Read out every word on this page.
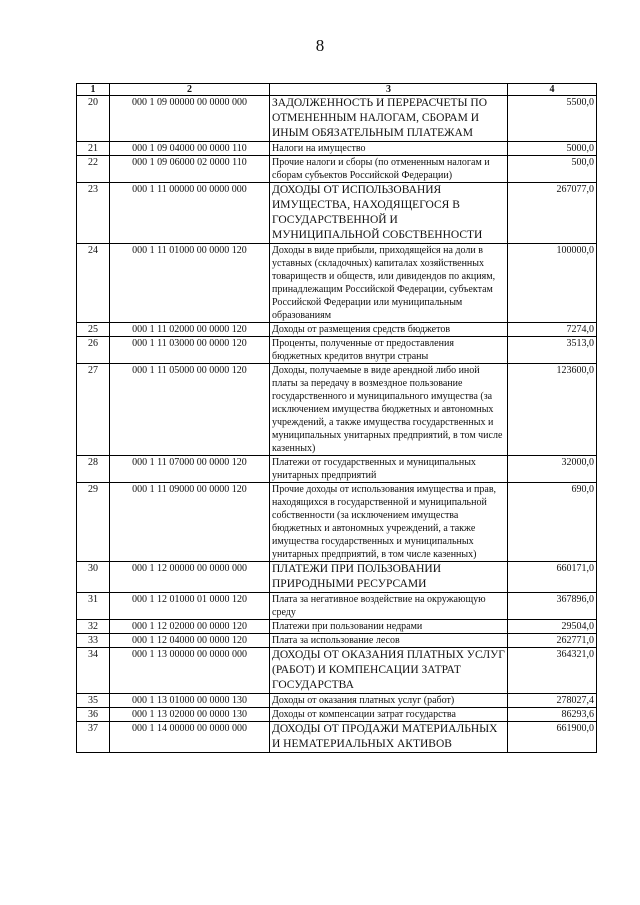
8
1	2	3	4
20	000 1 09 00000 00 0000 000	ЗАДОЛЖЕННОСТЬ И ПЕРЕРАСЧЕТЫ ПО ОТМЕНЕННЫМ НАЛОГАМ, СБОРАМ И ИНЫМ ОБЯЗАТЕЛЬНЫМ ПЛАТЕЖАМ	5500,0
21	000 1 09 04000 00 0000 110	Налоги на имущество	5000,0
22	000 1 09 06000 02 0000 110	Прочие налоги и сборы (по отмененным налогам и сборам субъектов Российской Федерации)	500,0
23	000 1 11 00000 00 0000 000	ДОХОДЫ ОТ ИСПОЛЬЗОВАНИЯ ИМУЩЕСТВА, НАХОДЯЩЕГОСЯ В ГОСУДАРСТВЕННОЙ И МУНИЦИПАЛЬНОЙ СОБСТВЕННОСТИ	267077,0
24	000 1 11 01000 00 0000 120	Доходы в виде прибыли, приходящейся на доли в уставных (складочных) капиталах хозяйственных товариществ и обществ, или дивидендов по акциям, принадлежащим Российской Федерации, субъектам Российской Федерации или муниципальным образованиям	100000,0
25	000 1 11 02000 00 0000 120	Доходы от размещения средств бюджетов	7274,0
26	000 1 11 03000 00 0000 120	Проценты, полученные от предоставления бюджетных кредитов внутри страны	3513,0
27	000 1 11 05000 00 0000 120	Доходы, получаемые в виде арендной либо иной платы за передачу в возмездное пользование государственного и муниципального имущества (за исключением имущества бюджетных и автономных учреждений, а также имущества государственных и муниципальных унитарных предприятий, в том числе казенных)	123600,0
28	000 1 11 07000 00 0000 120	Платежи от государственных и муниципальных унитарных предприятий	32000,0
29	000 1 11 09000 00 0000 120	Прочие доходы от использования имущества и прав, находящихся в государственной и муниципальной собственности (за исключением имущества бюджетных и автономных учреждений, а также имущества государственных и муниципальных унитарных предприятий, в том числе казенных)	690,0
30	000 1 12 00000 00 0000 000	ПЛАТЕЖИ ПРИ ПОЛЬЗОВАНИИ ПРИРОДНЫМИ РЕСУРСАМИ	660171,0
31	000 1 12 01000 01 0000 120	Плата за негативное воздействие на окружающую среду	367896,0
32	000 1 12 02000 00 0000 120	Платежи при пользовании недрами	29504,0
33	000 1 12 04000 00 0000 120	Плата за использование лесов	262771,0
34	000 1 13 00000 00 0000 000	ДОХОДЫ ОТ ОКАЗАНИЯ ПЛАТНЫХ УСЛУГ (РАБОТ) И КОМПЕНСАЦИИ ЗАТРАТ ГОСУДАРСТВА	364321,0
35	000 1 13 01000 00 0000 130	Доходы от оказания платных услуг (работ)	278027,4
36	000 1 13 02000 00 0000 130	Доходы от компенсации затрат государства	86293,6
37	000 1 14 00000 00 0000 000	ДОХОДЫ ОТ ПРОДАЖИ МАТЕРИАЛЬНЫХ И НЕМАТЕРИАЛЬНЫХ АКТИВОВ	661900,0
